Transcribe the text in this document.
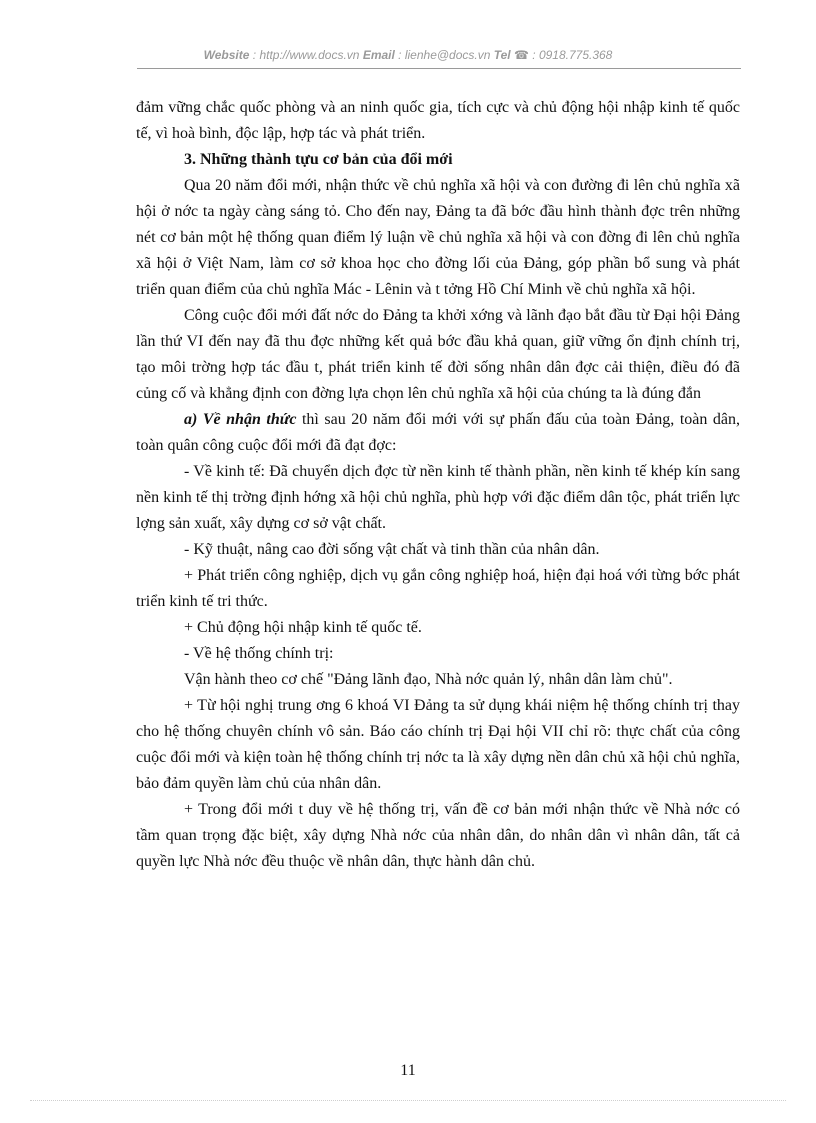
Website : http://www.docs.vn Email : lienhe@docs.vn Tel ☎ : 0918.775.368

đảm vững chắc quốc phòng và an ninh quốc gia, tích cực và chủ động hội nhập kinh tế quốc tế, vì hoà bình, độc lập, hợp tác và phát triển.

3. Những thành tựu cơ bản của đổi mới

Qua 20 năm đổi mới, nhận thức về chủ nghĩa xã hội và con đường đi lên chủ nghĩa xã hội ở nớc ta ngày càng sáng tỏ. Cho đến nay, Đảng ta đã bớc đầu hình thành đợc trên những nét cơ bản một hệ thống quan điểm lý luận về chủ nghĩa xã hội và con đờng đi lên chủ nghĩa xã hội ở Việt Nam, làm cơ sở khoa học cho đờng lối của Đảng, góp phần bổ sung và phát triển quan điểm của chủ nghĩa Mác - Lênin và t tởng Hồ Chí Minh về chủ nghĩa xã hội.

Công cuộc đổi mới đất nớc do Đảng ta khởi xớng và lãnh đạo bắt đầu từ Đại hội Đảng lần thứ VI đến nay đã thu đợc những kết quả bớc đầu khả quan, giữ vững ổn định chính trị, tạo môi trờng hợp tác đầu t, phát triển kinh tế đời sống nhân dân đợc cải thiện, điều đó đã củng cố và khẳng định con đờng lựa chọn lên chủ nghĩa xã hội của chúng ta là đúng đắn

a) Về nhận thức thì sau 20 năm đổi mới với sự phấn đấu của toàn Đảng, toàn dân, toàn quân công cuộc đổi mới đã đạt đợc:

- Về kinh tế: Đã chuyển dịch đợc từ nền kinh tế thành phần, nền kinh tế khép kín sang nền kinh tế thị trờng định hớng xã hội chủ nghĩa, phù hợp với đặc điểm dân tộc, phát triển lực lợng sản xuất, xây dựng cơ sở vật chất.

- Kỹ thuật, nâng cao đời sống vật chất và tinh thần của nhân dân.

+ Phát triển công nghiệp, dịch vụ gắn công nghiệp hoá, hiện đại hoá với từng bớc phát triển kinh tế tri thức.

+ Chủ động hội nhập kinh tế quốc tế.

- Về hệ thống chính trị:

Vận hành theo cơ chế "Đảng lãnh đạo, Nhà nớc quản lý, nhân dân làm chủ".

+ Từ hội nghị trung ơng 6 khoá VI Đảng ta sử dụng khái niệm hệ thống chính trị thay cho hệ thống chuyên chính vô sản. Báo cáo chính trị Đại hội VII chỉ rõ: thực chất của công cuộc đổi mới và kiện toàn hệ thống chính trị nớc ta là xây dựng nền dân chủ xã hội chủ nghĩa, bảo đảm quyền làm chủ của nhân dân.

+ Trong đổi mới t duy về hệ thống trị, vấn đề cơ bản mới nhận thức về Nhà nớc có tầm quan trọng đặc biệt, xây dựng Nhà nớc của nhân dân, do nhân dân vì nhân dân, tất cả quyền lực Nhà nớc đều thuộc về nhân dân, thực hành dân chủ.

11
